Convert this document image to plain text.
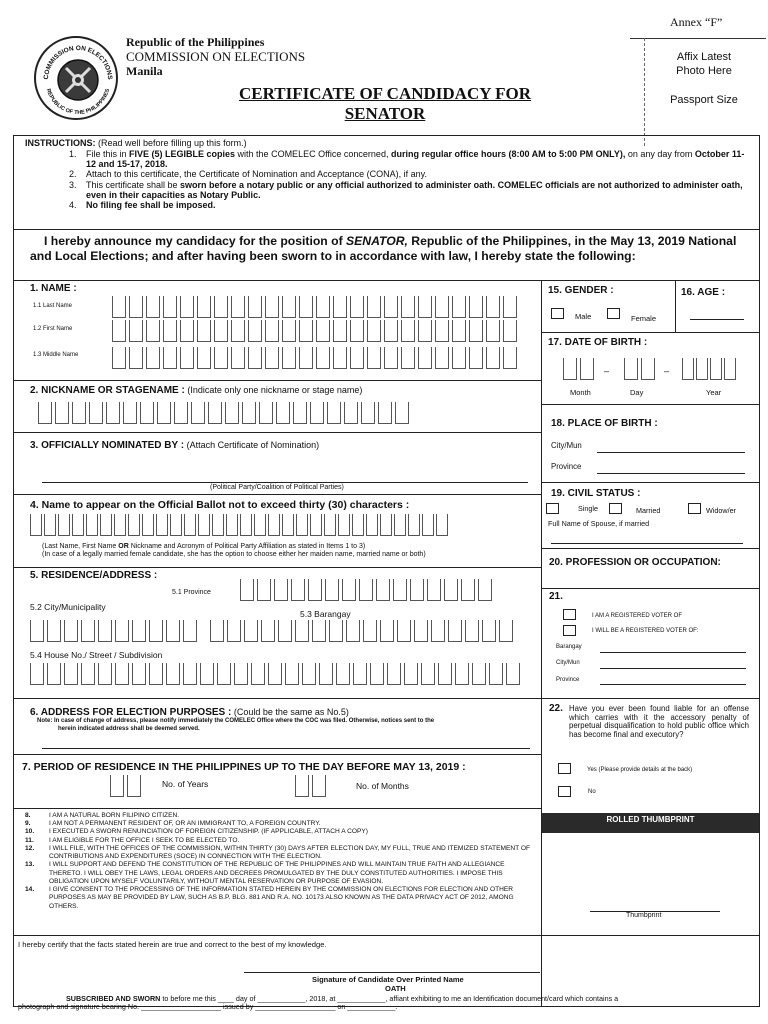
COMMISSION ON ELECTIONS
REPUBLIC OF THE PHILIPPINES
Republic of the Philippines
COMMISSION ON ELECTIONS
Manila
CERTIFICATE OF CANDIDACY FOR
SENATOR
Annex “F”
Affix Latest
Photo Here
Passport Size
INSTRUCTIONS: (Read well before filling up this form.)
1.	File this in FIVE (5) LEGIBLE copies with the COMELEC Office concerned, during regular office hours (8:00 AM to 5:00 PM ONLY), on any day from October 11-12 and 15-17, 2018.
2.	Attach to this certificate, the Certificate of Nomination and Acceptance (CONA), if any.
3.	This certificate shall be sworn before a notary public or any official authorized to administer oath. COMELEC officials are not authorized to administer oath, even in their capacities as Notary Public.
4.	No filing fee shall be imposed.
I hereby announce my candidacy for the position of SENATOR, Republic of the Philippines, in the May 13, 2019 National and Local Elections; and after having been sworn to in accordance with law, I hereby state the following:
1. NAME :
1.1 Last Name
1.2 First Name
1.3 Middle Name
2. NICKNAME OR STAGENAME : (Indicate only one nickname or stage name)
3. OFFICIALLY NOMINATED BY : (Attach Certificate of Nomination)
(Political Party/Coalition of Political Parties)
4. Name to appear on the Official Ballot not to exceed thirty (30) characters :
(Last Name, First Name OR Nickname and Acronym of Political Party Affiliation as stated in Items 1 to 3)
(In case of a legally married female candidate, she has the option to choose either her maiden name, married name or both)
5. RESIDENCE/ADDRESS :
5.1 Province
5.2 City/Municipality
5.3 Barangay
5.4 House No./ Street / Subdivision
6. ADDRESS FOR ELECTION PURPOSES : (Could be the same as No.5)
Note: In case of change of address, please notify immediately the COMELEC Office where the COC was filed. Otherwise, notices sent to the
herein indicated address shall be deemed served.
7. PERIOD OF RESIDENCE IN THE PHILIPPINES UP TO THE DAY BEFORE MAY 13, 2019 :
No. of Years	No. of Months
8.	I AM A NATURAL BORN FILIPINO CITIZEN.
9.	I AM NOT A PERMANENT RESIDENT OF, OR AN IMMIGRANT TO, A FOREIGN COUNTRY.
10.	I EXECUTED A SWORN RENUNCIATION OF FOREIGN CITIZENSHIP. (IF APPLICABLE, ATTACH A COPY)
11.	I AM ELIGIBLE FOR THE OFFICE I SEEK TO BE ELECTED TO.
12.	I WILL FILE, WITH THE OFFICES OF THE COMMISSION, WITHIN THIRTY (30) DAYS AFTER ELECTION DAY, MY FULL, TRUE AND ITEMIZED STATEMENT OF CONTRIBUTIONS AND EXPENDITURES (SOCE) IN CONNECTION WITH THE ELECTION.
13.	I WILL SUPPORT AND DEFEND THE CONSTITUTION OF THE REPUBLIC OF THE PHILIPPINES AND WILL MAINTAIN TRUE FAITH AND ALLEGIANCE THERETO. I WILL OBEY THE LAWS, LEGAL ORDERS AND DECREES PROMULGATED BY THE DULY CONSTITUTED AUTHORITIES. I IMPOSE THIS OBLIGATION UPON MYSELF VOLUNTARILY, WITHOUT MENTAL RESERVATION OR PURPOSE OF EVASION.
14.	I GIVE CONSENT TO THE PROCESSING OF THE INFORMATION STATED HEREIN BY THE COMMISSION ON ELECTIONS FOR ELECTION AND OTHER PURPOSES AS MAY BE PROVIDED BY LAW, SUCH AS B.P. BLG. 881 AND R.A. NO. 10173 ALSO KNOWN AS THE DATA PRIVACY ACT OF 2012, AMONG OTHERS.
I hereby certify that the facts stated herein are true and correct to the best of my knowledge.
Signature of Candidate Over Printed Name
OATH
SUBSCRIBED AND SWORN to before me this ____ day of ____________, 2018, at ____________, affiant exhibiting to me an Identification document/card which contains a
photograph and signature bearing No. ____________________ issued by ____________________ on ____________.
15. GENDER :	16. AGE :
Male	Female
17. DATE OF BIRTH :
–	–
Month	Day	Year
18. PLACE OF BIRTH :
City/Mun
Province
19. CIVIL STATUS :
Single	Married	Widow/er
Full Name of Spouse, if married
20. PROFESSION OR OCCUPATION:
21.
I AM A REGISTERED VOTER OF
I WILL BE A REGISTERED VOTER OF:
Barangay
City/Mun
Province
22. Have you ever been found liable for an offense which carries with it the accessory penalty of perpetual disqualification to hold public office which has become final and executory?
Yes (Please provide details at the back)
No
ROLLED THUMBPRINT
Thumbprint
